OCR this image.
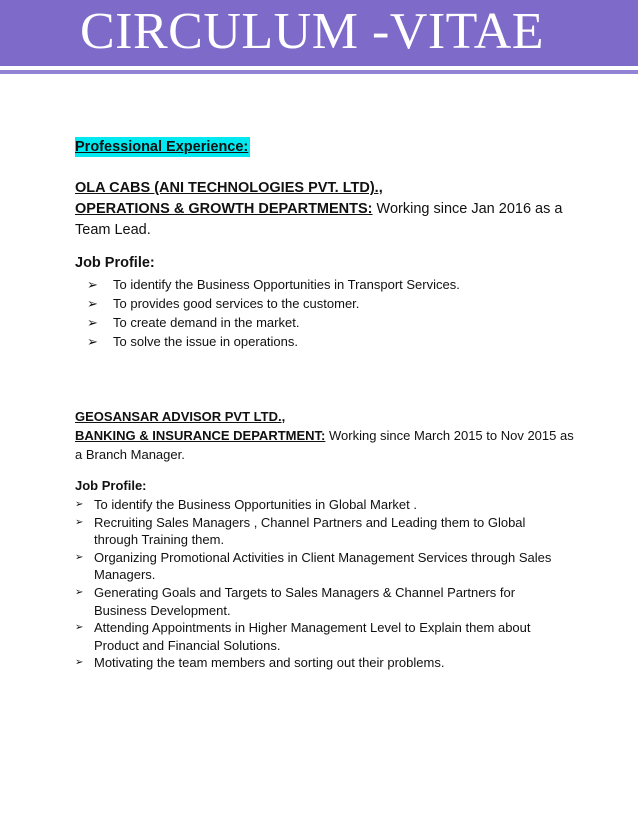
CIRCULUM -VITAE
Professional Experience:
OLA CABS (ANI TECHNOLOGIES PVT. LTD).,
OPERATIONS & GROWTH DEPARTMENTS: Working since Jan 2016 as a Team Lead.
Job Profile:
➢ To identify the Business Opportunities in Transport Services.
➢ To provides good services to the customer.
➢ To create demand in the market.
➢ To solve the issue in operations.
GEOSANSAR ADVISOR PVT LTD.,
BANKING & INSURANCE DEPARTMENT: Working since March 2015 to Nov 2015 as a Branch Manager.
Job Profile:
➢ To identify the Business Opportunities in Global Market .
➢ Recruiting Sales Managers , Channel Partners and Leading them to Global through Training them.
➢ Organizing Promotional Activities in Client Management Services through Sales Managers.
➢ Generating Goals and Targets to Sales Managers & Channel Partners for Business Development.
➢ Attending Appointments in Higher Management Level to Explain them about Product and Financial Solutions.
➢ Motivating the team members and sorting out their problems.
